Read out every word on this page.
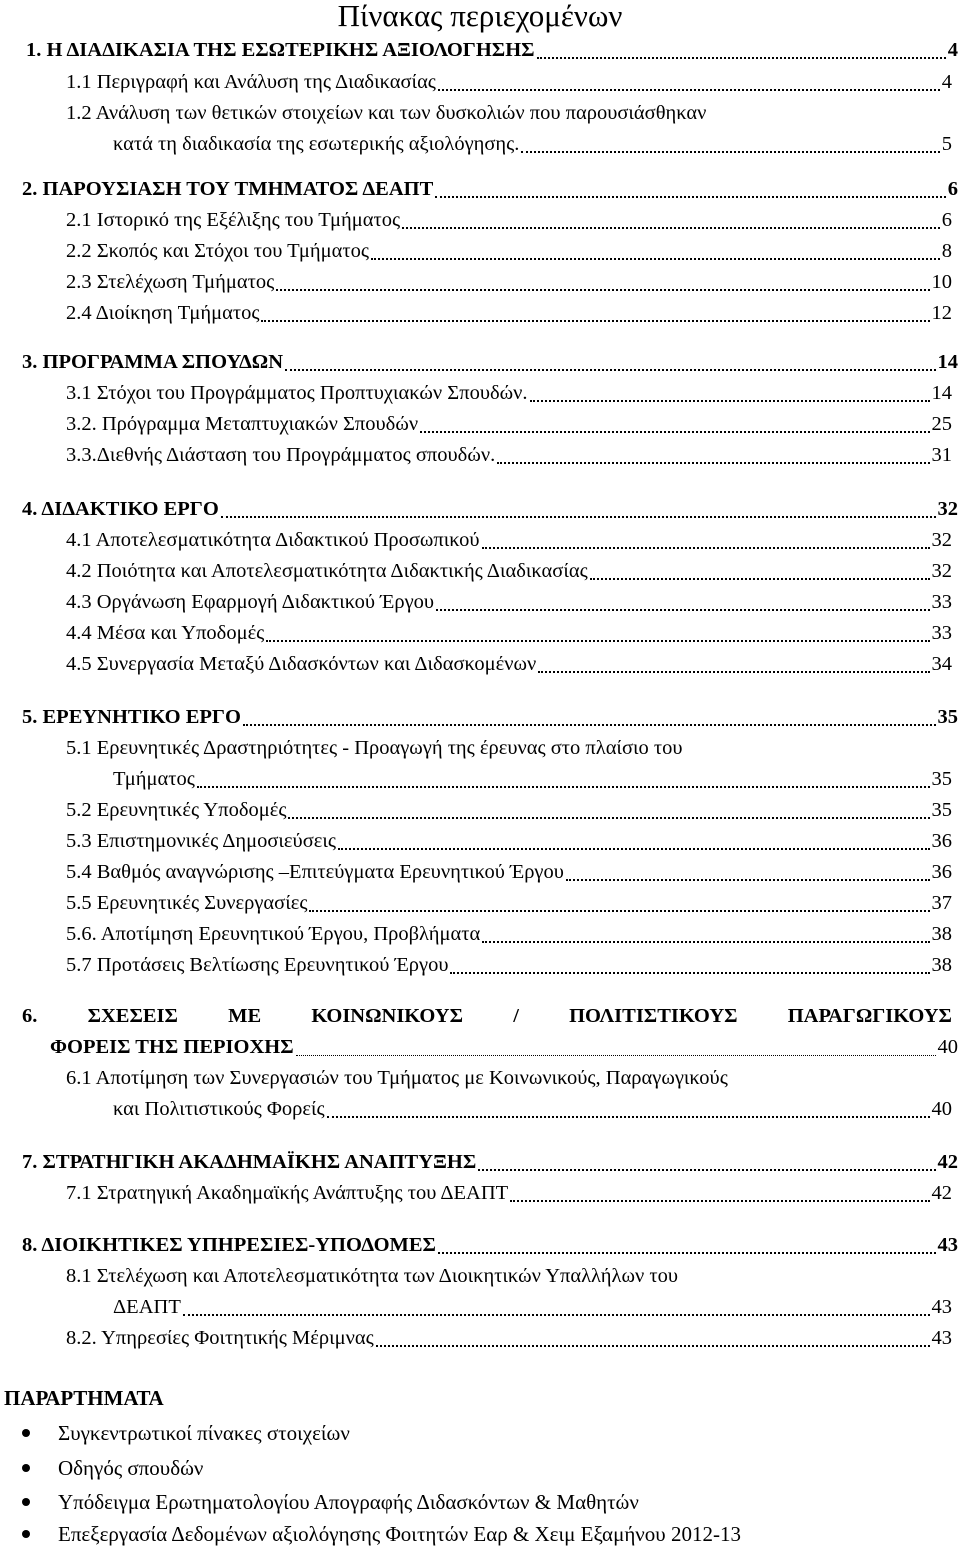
Πίνακας περιεχομένων
1. Η ΔΙΑΔΙΚΑΣΙΑ ΤΗΣ ΕΣΩΤΕΡΙΚΗΣ ΑΞΙΟΛΟΓΗΣΗΣ	4
1.1 Περιγραφή και Ανάλυση της Διαδικασίας	4
1.2 Ανάλυση των θετικών στοιχείων και των δυσκολιών που παρουσιάσθηκαν
κατά τη διαδικασία της εσωτερικής αξιολόγησης.	5
2. ΠΑΡΟΥΣΙΑΣΗ ΤΟΥ ΤΜΗΜΑΤΟΣ ΔΕΑΠΤ	6
2.1 Ιστορικό της Εξέλιξης του Τμήματος	6
2.2 Σκοπός και Στόχοι του Τμήματος	8
2.3 Στελέχωση Τμήματος	10
2.4 Διοίκηση Τμήματος	12
3. ΠΡΟΓΡΑΜΜΑ ΣΠΟΥΔΩΝ	14
3.1 Στόχοι του Προγράμματος Προπτυχιακών Σπουδών.	14
3.2. Πρόγραμμα Μεταπτυχιακών Σπουδών	25
3.3.Διεθνής Διάσταση του Προγράμματος σπουδών.	31
4. ΔΙΔΑΚΤΙΚΟ ΕΡΓΟ	32
4.1 Αποτελεσματικότητα Διδακτικού Προσωπικού	32
4.2 Ποιότητα και Αποτελεσματικότητα Διδακτικής Διαδικασίας	32
4.3 Οργάνωση Εφαρμογή Διδακτικού Έργου	33
4.4 Μέσα και Υποδομές	33
4.5 Συνεργασία Μεταξύ Διδασκόντων και Διδασκομένων	34
5. ΕΡΕΥΝΗΤΙΚΟ ΕΡΓΟ	35
5.1 Ερευνητικές Δραστηριότητες - Προαγωγή της έρευνας στο πλαίσιο του
Τμήματος	35
5.2 Ερευνητικές Υποδομές	35
5.3 Επιστημονικές Δημοσιεύσεις	36
5.4 Βαθμός αναγνώρισης –Επιτεύγματα Ερευνητικού Έργου	36
5.5 Ερευνητικές Συνεργασίες	37
5.6. Αποτίμηση Ερευνητικού Έργου, Προβλήματα	38
5.7 Προτάσεις Βελτίωσης Ερευνητικού Έργου	38
6. ΣΧΕΣΕΙΣ ΜΕ ΚΟΙΝΩΝΙΚΟΥΣ / ΠΟΛΙΤΙΣΤΙΚΟΥΣ ΠΑΡΑΓΩΓΙΚΟΥΣ
ΦΟΡΕΙΣ ΤΗΣ ΠΕΡΙΟΧΗΣ	40
6.1 Αποτίμηση των Συνεργασιών του Τμήματος με Κοινωνικούς, Παραγωγικούς
και Πολιτιστικούς Φορείς	40
7. ΣΤΡΑΤΗΓΙΚΗ ΑΚΑΔΗΜΑΪΚΗΣ ΑΝΑΠΤΥΞΗΣ	42
7.1 Στρατηγική Ακαδημαϊκής Ανάπτυξης του ΔΕΑΠΤ	42
8. ΔΙΟΙΚΗΤΙΚΕΣ ΥΠΗΡΕΣΙΕΣ-ΥΠΟΔΟΜΕΣ	43
8.1 Στελέχωση και Αποτελεσματικότητα των Διοικητικών Υπαλλήλων του
ΔΕΑΠΤ	43
8.2. Υπηρεσίες Φοιτητικής Μέριμνας	43
ΠΑΡΑΡΤΗΜΑΤΑ
Συγκεντρωτικοί πίνακες στοιχείων
Οδηγός σπουδών
Υπόδειγμα Ερωτηματολογίου Απογραφής Διδασκόντων & Μαθητών
Επεξεργασία Δεδομένων αξιολόγησης Φοιτητών Εαρ & Χειμ Εξαμήνου 2012-13
